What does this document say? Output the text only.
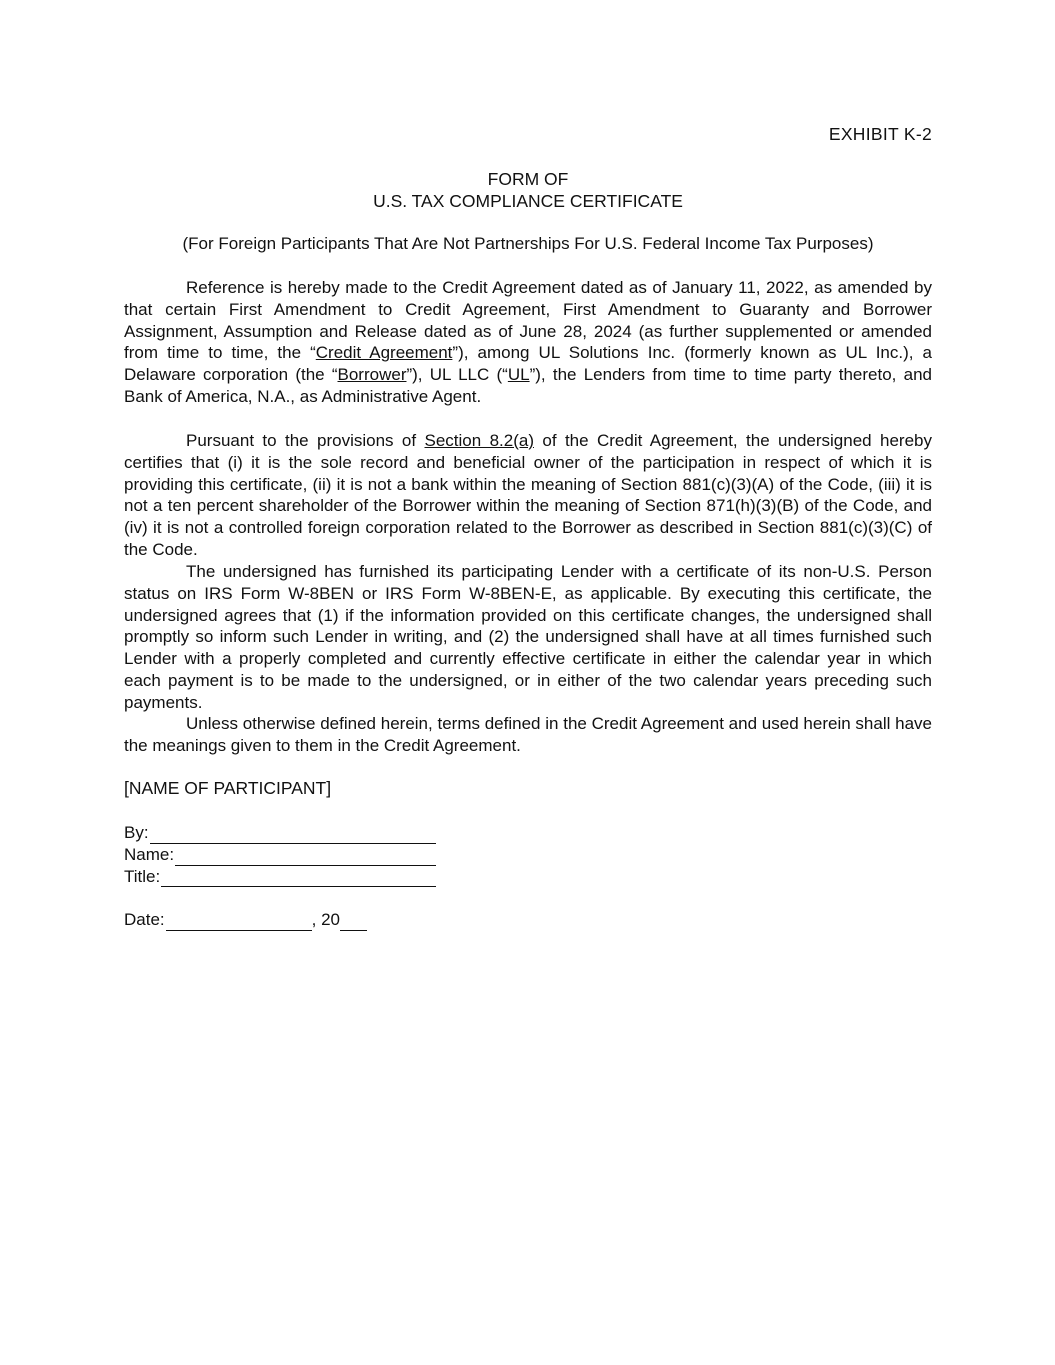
EXHIBIT K-2
FORM OF
U.S. TAX COMPLIANCE CERTIFICATE
(For Foreign Participants That Are Not Partnerships For U.S. Federal Income Tax Purposes)

Reference is hereby made to the Credit Agreement dated as of January 11, 2022, as amended by that certain First Amendment to Credit Agreement, First Amendment to Guaranty and Borrower Assignment, Assumption and Release dated as of June 28, 2024 (as further supplemented or amended from time to time, the “Credit Agreement”), among UL Solutions Inc. (formerly known as UL Inc.), a Delaware corporation (the “Borrower”), UL LLC (“UL”), the Lenders from time to time party thereto, and Bank of America, N.A., as Administrative Agent.

Pursuant to the provisions of Section 8.2(a) of the Credit Agreement, the undersigned hereby certifies that (i) it is the sole record and beneficial owner of the participation in respect of which it is providing this certificate, (ii) it is not a bank within the meaning of Section 881(c)(3)(A) of the Code, (iii) it is not a ten percent shareholder of the Borrower within the meaning of Section 871(h)(3)(B) of the Code, and (iv) it is not a controlled foreign corporation related to the Borrower as described in Section 881(c)(3)(C) of the Code.

The undersigned has furnished its participating Lender with a certificate of its non-U.S. Person status on IRS Form W-8BEN or IRS Form W-8BEN-E, as applicable. By executing this certificate, the undersigned agrees that (1) if the information provided on this certificate changes, the undersigned shall promptly so inform such Lender in writing, and (2) the undersigned shall have at all times furnished such Lender with a properly completed and currently effective certificate in either the calendar year in which each payment is to be made to the undersigned, or in either of the two calendar years preceding such payments.

Unless otherwise defined herein, terms defined in the Credit Agreement and used herein shall have the meanings given to them in the Credit Agreement.

[NAME OF PARTICIPANT]
By:
Name:
Title:
Date:	, 20
